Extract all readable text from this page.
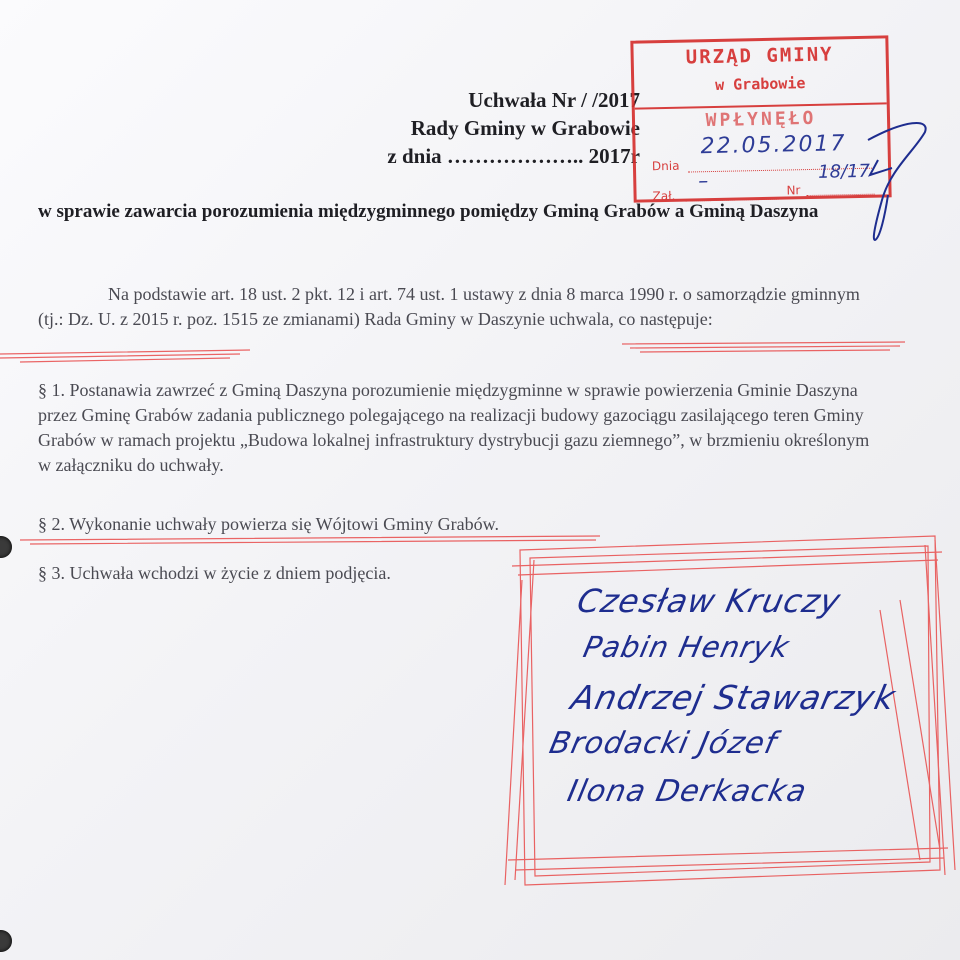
Uchwała Nr / /2017
Rady Gminy w Grabowie
z dnia ……………….. 2017r
w sprawie zawarcia porozumienia międzygminnego pomiędzy Gminą Grabów a Gminą Daszyna

Na podstawie art. 18 ust. 2 pkt. 12 i art. 74 ust. 1 ustawy z dnia 8 marca 1990 r. o samorządzie gminnym (tj.: Dz. U. z 2015 r. poz. 1515 ze zmianami) Rada Gminy w Daszynie uchwala, co następuje:

§ 1. Postanawia zawrzeć z Gminą Daszyna porozumienie międzygminne w sprawie powierzenia Gminie Daszyna przez Gminę Grabów zadania publicznego polegającego na realizacji budowy gazociągu zasilającego teren Gminy Grabów w ramach projektu „Budowa lokalnej infrastruktury dystrybucji gazu ziemnego”, w brzmieniu określonym w załączniku do uchwały.

§ 2. Wykonanie uchwały powierza się Wójtowi Gminy Grabów.

§ 3. Uchwała wchodzi w życie z dniem podjęcia.

URZĄD GMINY
w Grabowie
WPŁYNĘŁO
Dnia
Zał.	Nr
22.05.2017
–	18/17
Czesław Kruczy
Pabin Henryk
Andrzej Stawarzyk
Brodacki Józef
Ilona Derkacka
